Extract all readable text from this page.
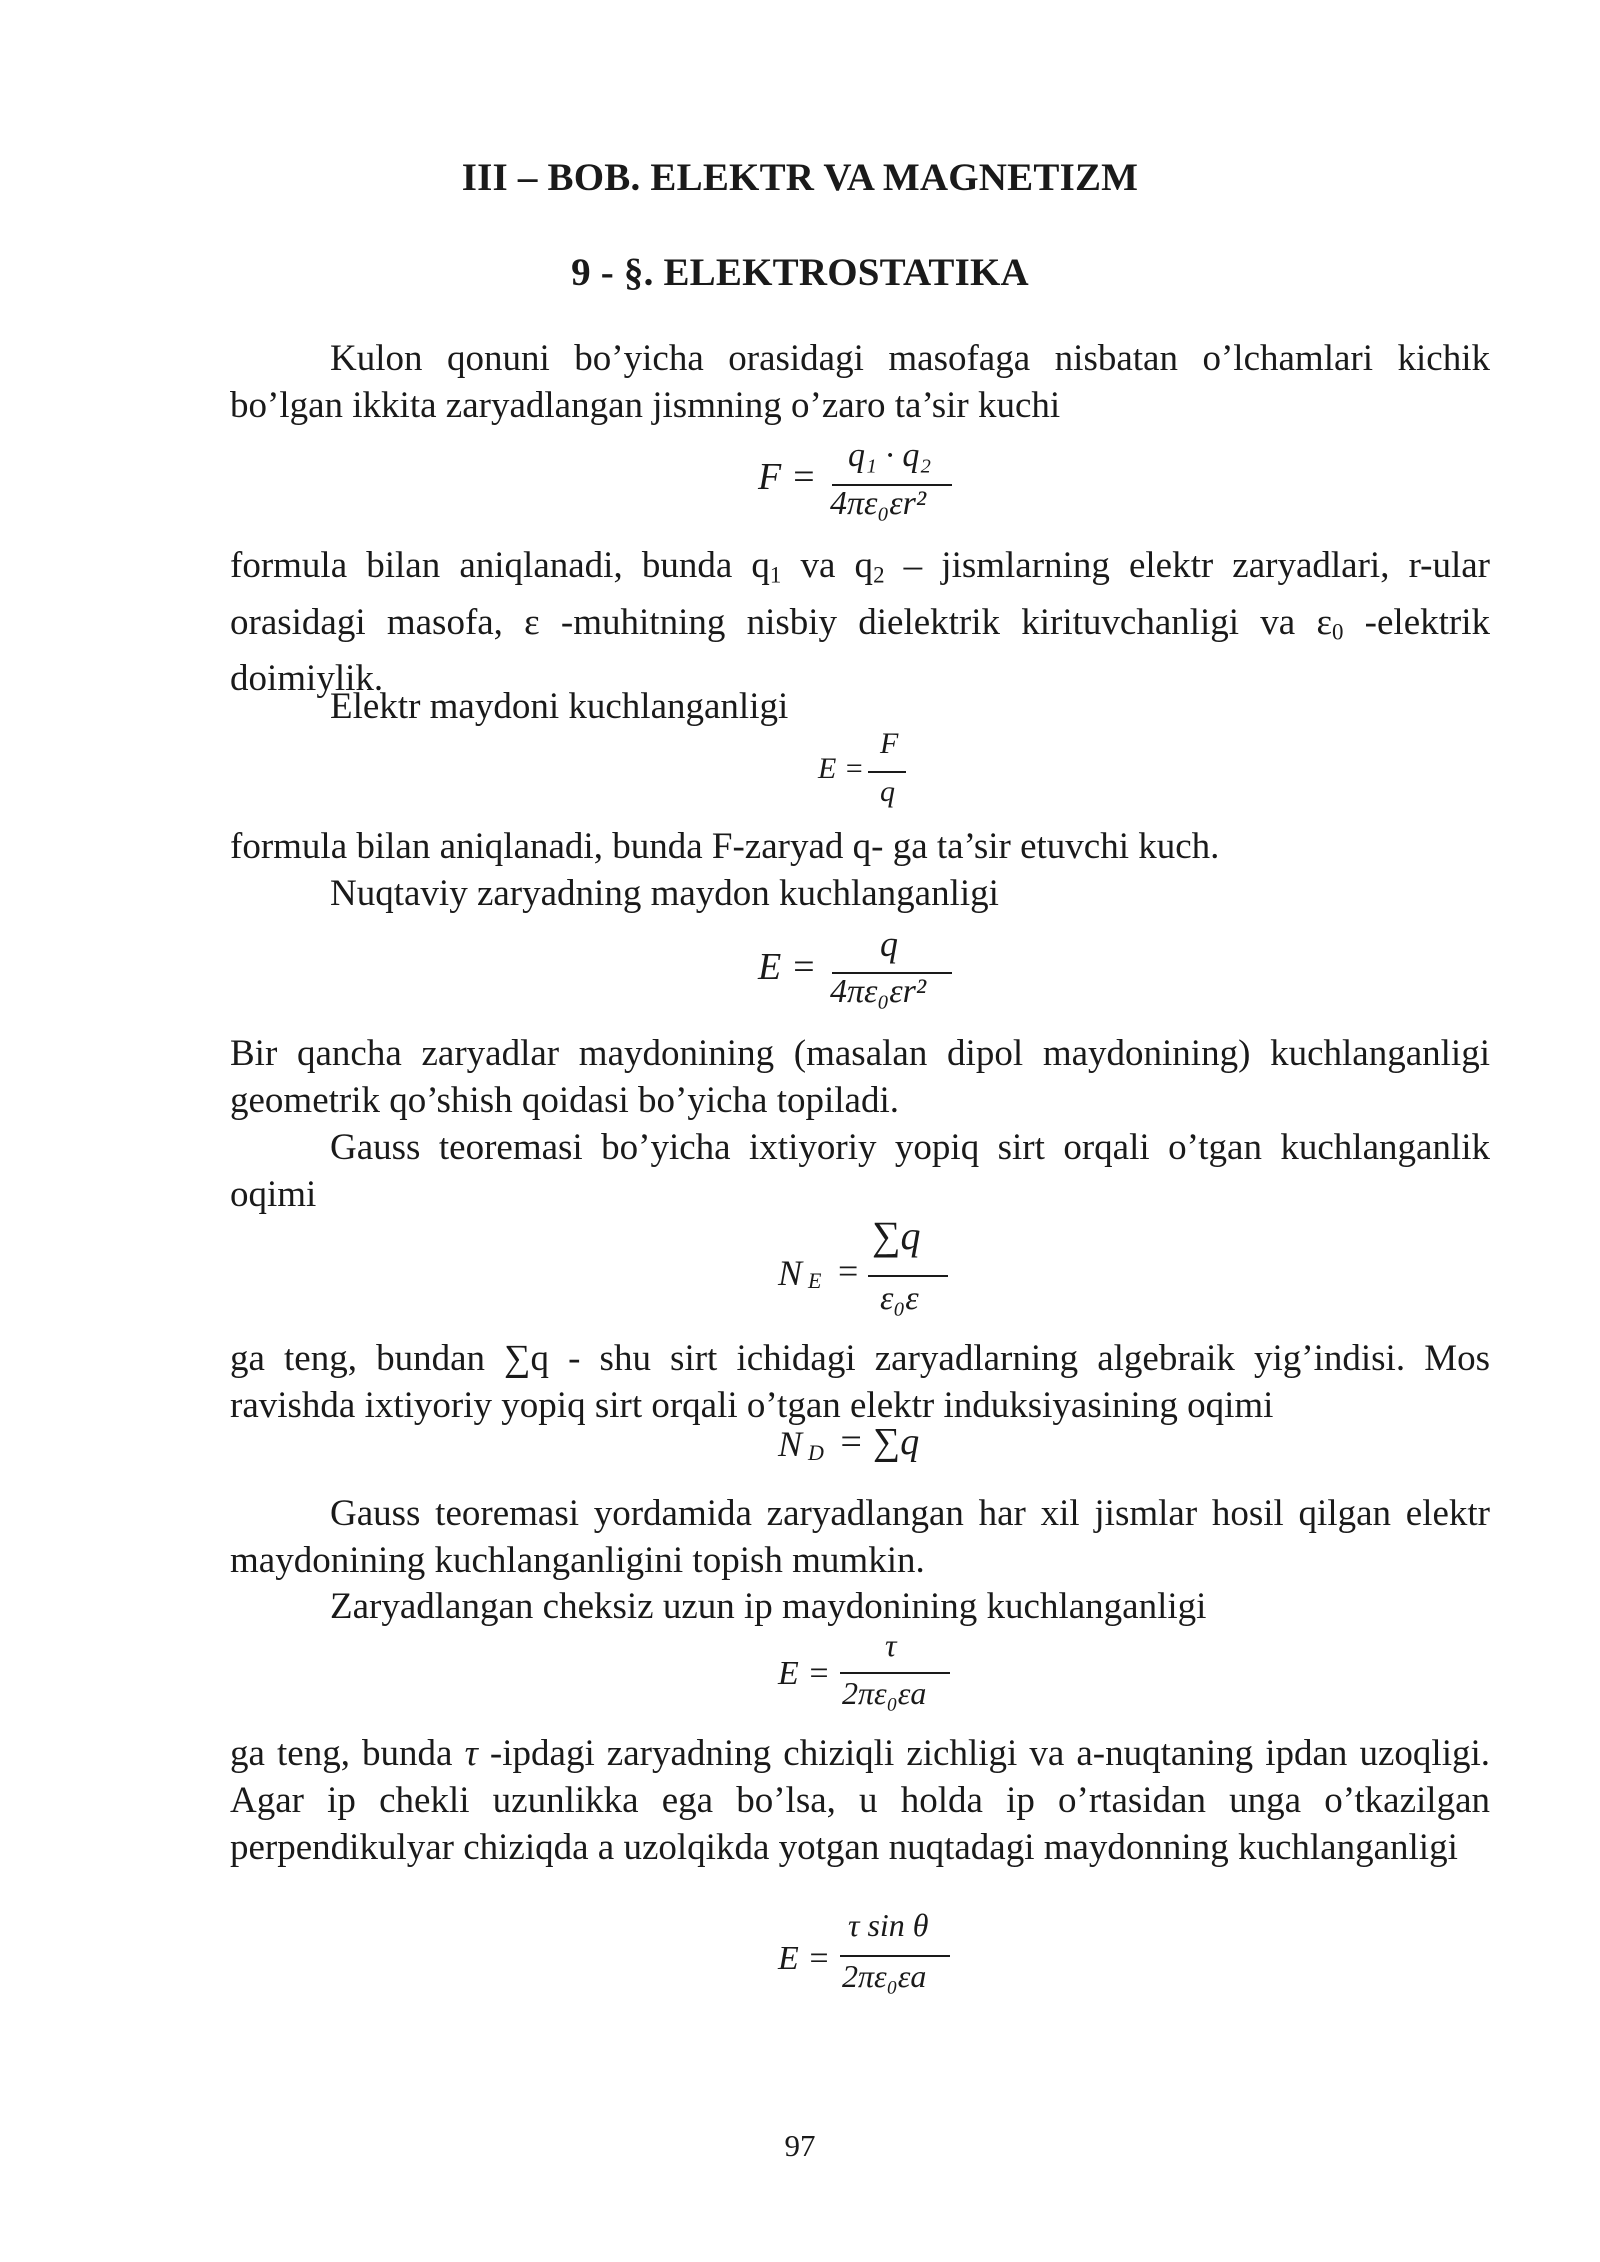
III – BOB. ELEKTR VA MAGNETIZM
9 - §. ELEKTROSTATIKA

Kulon qonuni bo’yicha orasidagi masofaga nisbatan o’lchamlari kichik bo’lgan ikkita zaryadlangan jismning o’zaro ta’sir kuchi

F =
q₁ · q₂
4πε₀εr²

formula bilan aniqlanadi, bunda $q_1$ va $q_2$ – jismlarning elektr zaryadlari, r-ular orasidagi masofa, ε -muhitning nisbiy dielektrik kirituvchanligi va $\varepsilon_0$ -elektrik doimiylik.

Elektr maydoni kuchlanganligi
E =
F
q
formula bilan aniqlanadi, bunda F-zaryad q- ga ta’sir etuvchi kuch.
Nuqtaviy zaryadning maydon kuchlanganligi
E =
q
4πε₀εr²

Bir qancha zaryadlar maydonining (masalan dipol maydonining) kuchlanganligi geometrik qo’shish qoidasi bo’yicha topiladi.

Gauss teoremasi bo’yicha ixtiyoriy yopiq sirt orqali o’tgan kuchlanganlik oqimi

N E =
∑q
ε₀ε

ga teng, bundan ∑q - shu sirt ichidagi zaryadlarning algebraik yig’indisi. Mos ravishda ixtiyoriy yopiq sirt orqali o’tgan elektr induksiyasining oqimi

N D = ∑q

Gauss teoremasi yordamida zaryadlangan har xil jismlar hosil qilgan elektr maydonining kuchlanganligini topish mumkin.

Zaryadlangan cheksiz uzun ip maydonining kuchlanganligi
E =
τ
2πε₀εa

ga teng, bunda τ -ipdagi zaryadning chiziqli zichligi va a-nuqtaning ipdan uzoqligi. Agar ip chekli uzunlikka ega bo’lsa, u holda ip o’rtasidan unga o’tkazilgan perpendikulyar chiziqda a uzolqikda yotgan nuqtadagi maydonning kuchlanganligi

E =
τ sin θ
2πε₀εa
97
